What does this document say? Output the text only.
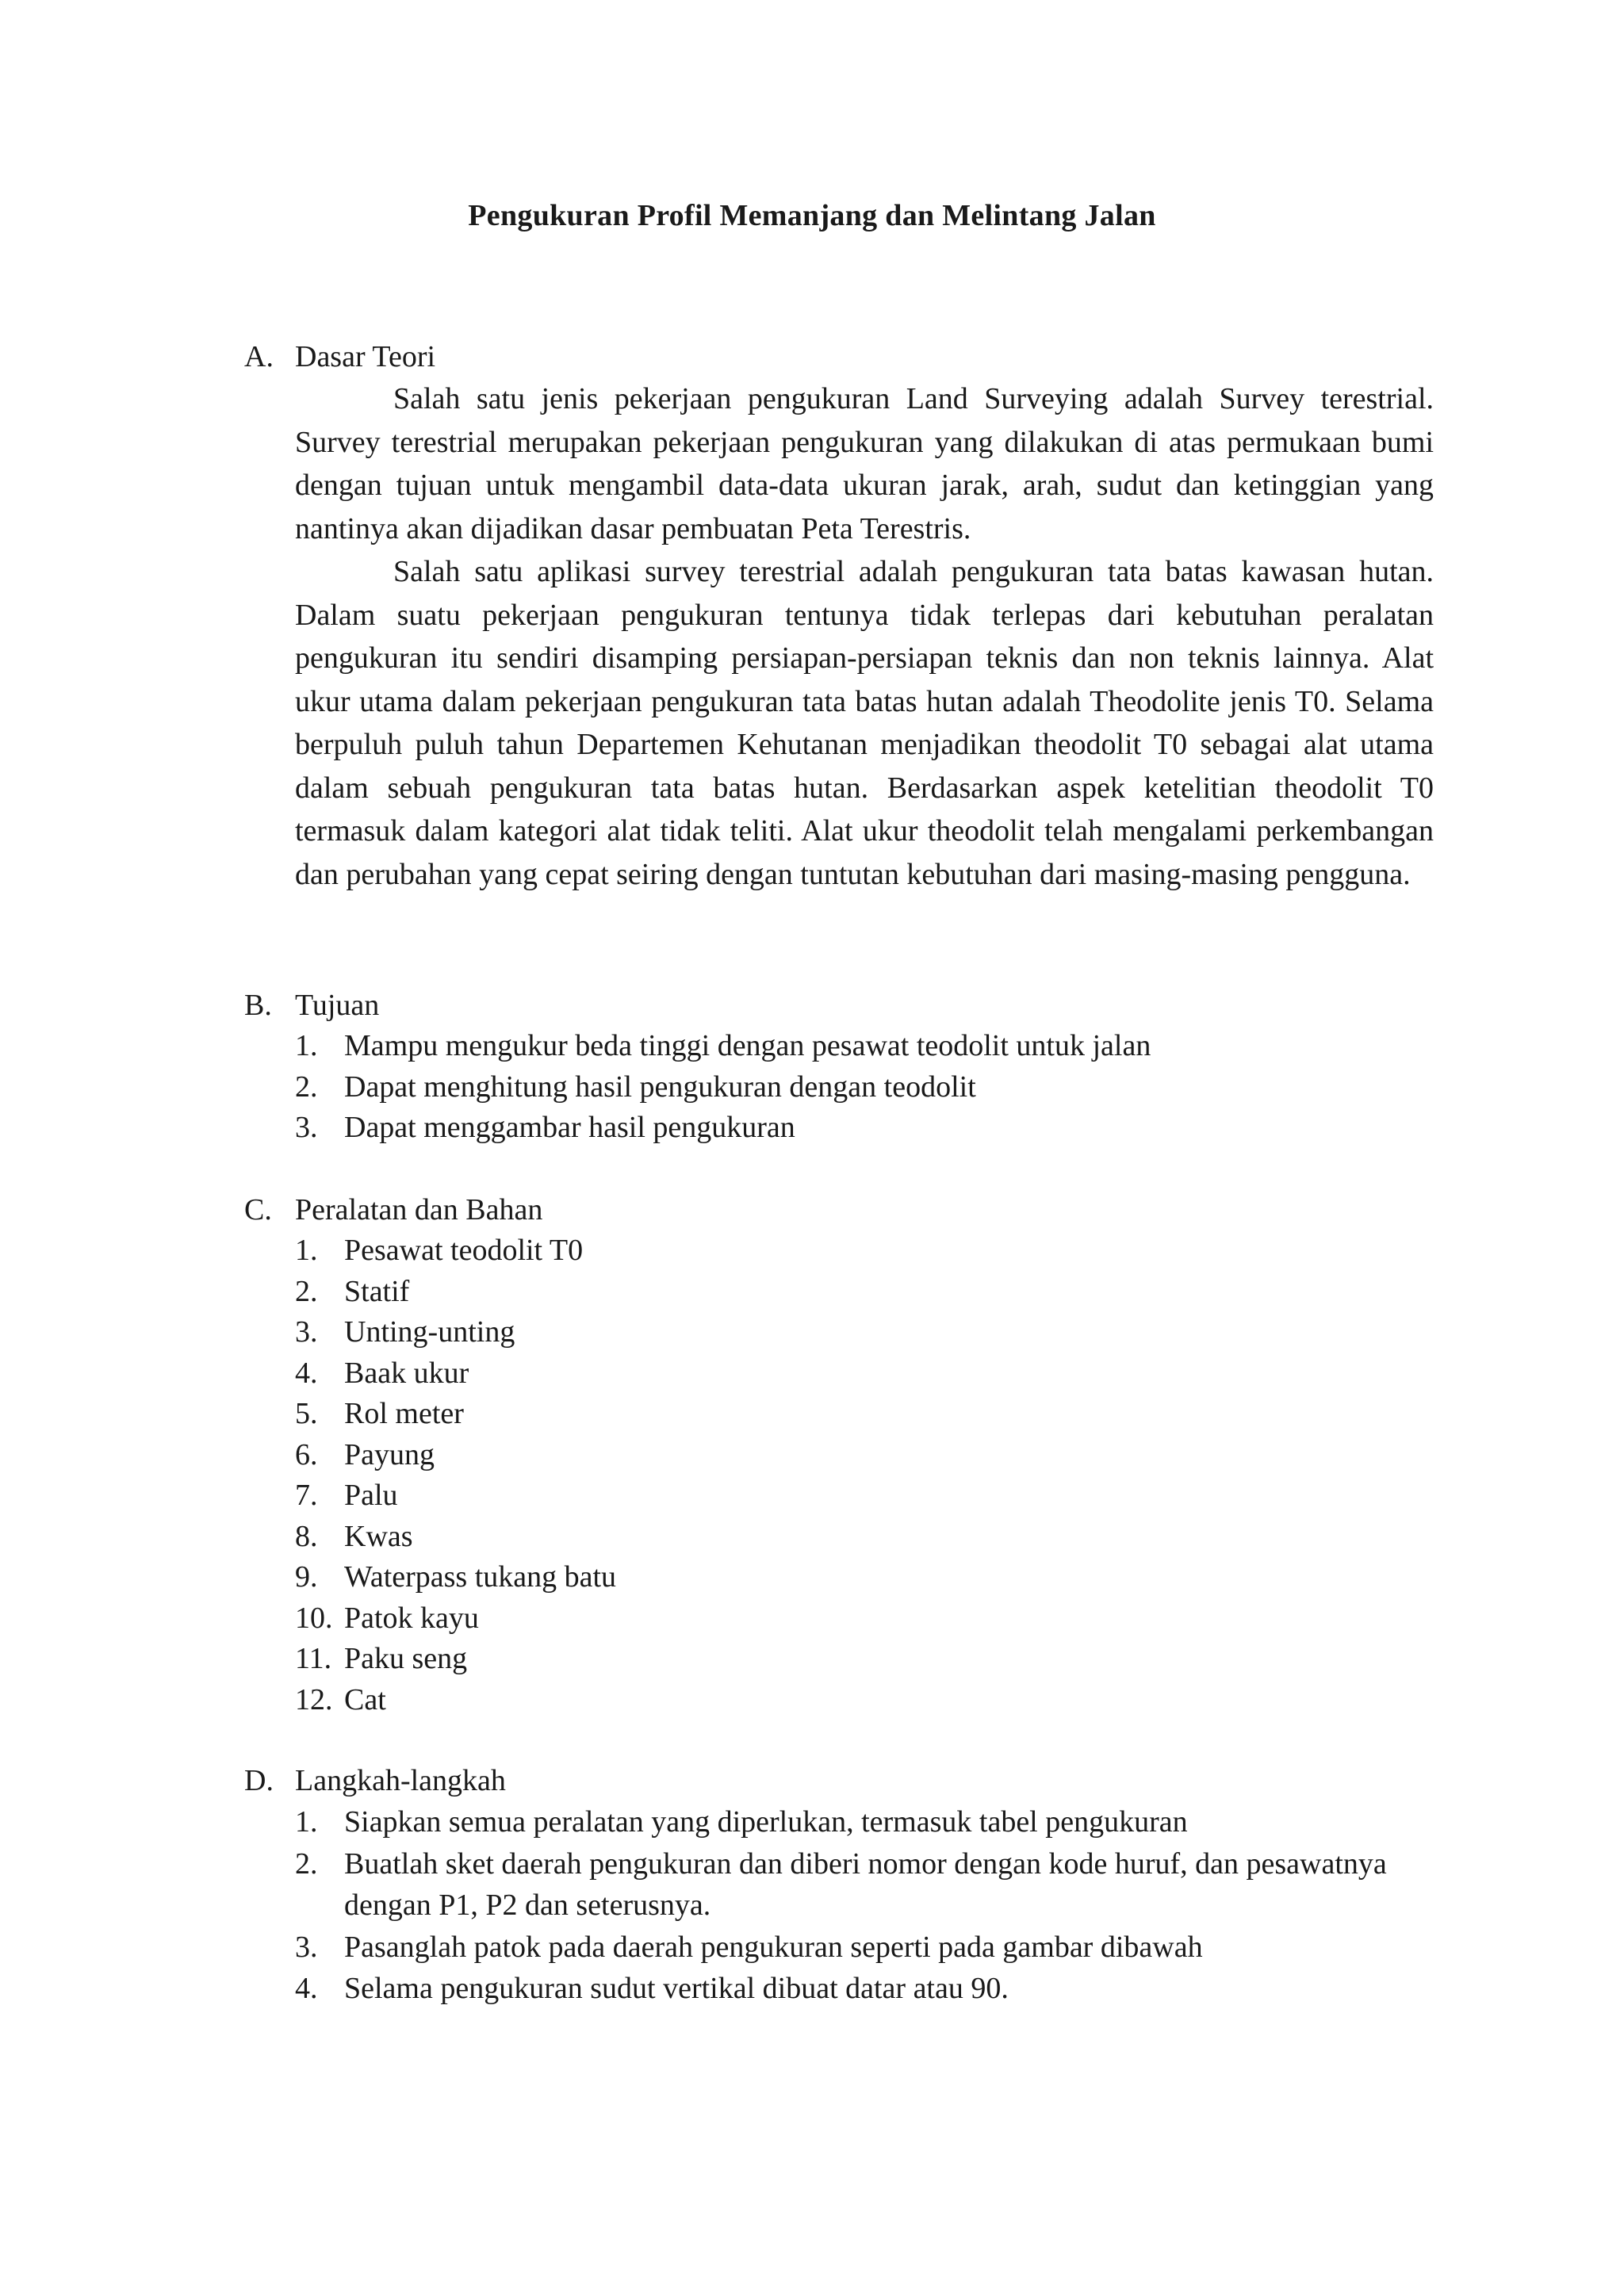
Pengukuran Profil Memanjang dan Melintang Jalan
A. Dasar Teori

Salah satu jenis pekerjaan pengukuran Land Surveying adalah Survey terestrial. Survey terestrial merupakan pekerjaan pengukuran yang dilakukan di atas permukaan bumi dengan tujuan untuk mengambil data-data ukuran jarak, arah, sudut dan ketinggian yang nantinya akan dijadikan dasar pembuatan Peta Terestris.

Salah satu aplikasi survey terestrial adalah pengukuran tata batas kawasan hutan. Dalam suatu pekerjaan pengukuran tentunya tidak terlepas dari kebutuhan peralatan pengukuran itu sendiri disamping persiapan-persiapan teknis dan non teknis lainnya. Alat ukur utama dalam pekerjaan pengukuran tata batas hutan adalah Theodolite jenis T0. Selama berpuluh puluh tahun Departemen Kehutanan menjadikan theodolit T0 sebagai alat utama dalam sebuah pengukuran tata batas hutan. Berdasarkan aspek ketelitian theodolit T0 termasuk dalam kategori alat tidak teliti. Alat ukur theodolit telah mengalami perkembangan dan perubahan yang cepat seiring dengan tuntutan kebutuhan dari masing-masing pengguna.

B. Tujuan
1. Mampu mengukur beda tinggi dengan pesawat teodolit untuk jalan
2. Dapat menghitung hasil pengukuran dengan teodolit
3. Dapat menggambar hasil pengukuran
C. Peralatan dan Bahan
1. Pesawat teodolit T0
2. Statif
3. Unting-unting
4. Baak ukur
5. Rol meter
6. Payung
7. Palu
8. Kwas
9. Waterpass tukang batu
10. Patok kayu
11. Paku seng
12. Cat
D. Langkah-langkah
1. Siapkan semua peralatan yang diperlukan, termasuk tabel pengukuran
2. Buatlah sket daerah pengukuran dan diberi nomor dengan kode huruf, dan pesawatnya dengan P1, P2 dan seterusnya.
3. Pasanglah patok pada daerah pengukuran seperti pada gambar dibawah
4. Selama pengukuran sudut vertikal dibuat datar atau 90.
